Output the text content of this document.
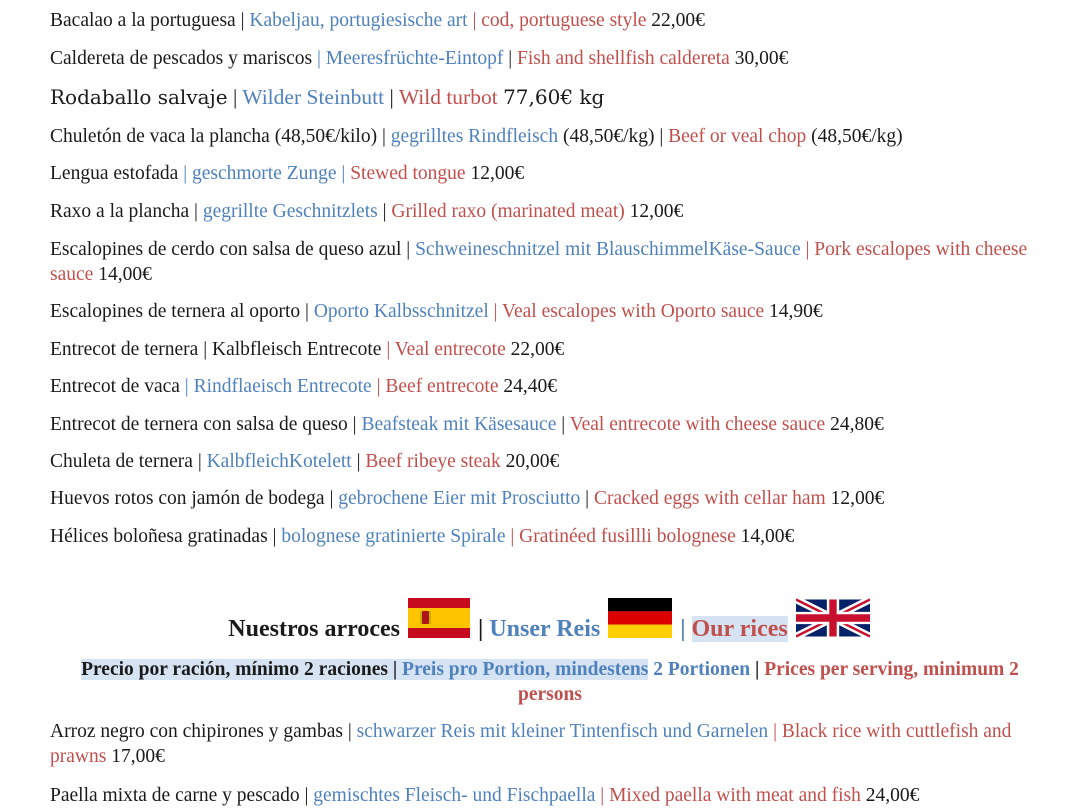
Bacalao a la portuguesa | Kabeljau, portugiesische art | cod, portuguese style 22,00€
Caldereta de pescados y mariscos | Meeresfrüchte-Eintopf | Fish and shellfish caldereta 30,00€
Rodaballo salvaje | Wilder Steinbutt | Wild turbot 77,60€ kg
Chuletón de vaca la plancha (48,50€/kilo) | gegrilltes Rindfleisch (48,50€/kg) | Beef or veal chop (48,50€/kg)
Lengua estofada | geschmorte Zunge | Stewed tongue 12,00€
Raxo a la plancha | gegrillte Geschnitzlets | Grilled raxo (marinated meat) 12,00€
Escalopines de cerdo con salsa de queso azul | Schweineschnitzel mit BlauschimmelKäse-Sauce | Pork escalopes with cheese sauce 14,00€
Escalopines de ternera al oporto | Oporto Kalbsschnitzel | Veal escalopes with Oporto sauce 14,90€
Entrecot de ternera | Kalbfleisch Entrecote | Veal entrecote 22,00€
Entrecot de vaca | Rindflaeisch Entrecote | Beef entrecote 24,40€
Entrecot de ternera con salsa de queso | Beafsteak mit Käsesauce | Veal entrecote with cheese sauce 24,80€
Chuleta de ternera | KalbfleichKotelett | Beef ribeye steak 20,00€
Huevos rotos con jamón de bodega | gebrochene Eier mit Prosciutto | Cracked eggs with cellar ham 12,00€
Hélices boloñesa gratinadas | bolognese gratinierte Spirale | Gratinéed fusillli bolognese 14,00€
Nuestros arroces	| Unser Reis	| Our rices
Precio por ración, mínimo 2 raciones | Preis pro Portion, mindestens 2 Portionen | Prices per serving, minimum 2 persons
Arroz negro con chipirones y gambas | schwarzer Reis mit kleiner Tintenfisch und Garnelen | Black rice with cuttlefish and prawns 17,00€
Paella mixta de carne y pescado | gemischtes Fleisch- und Fischpaella | Mixed paella with meat and fish 24,00€
